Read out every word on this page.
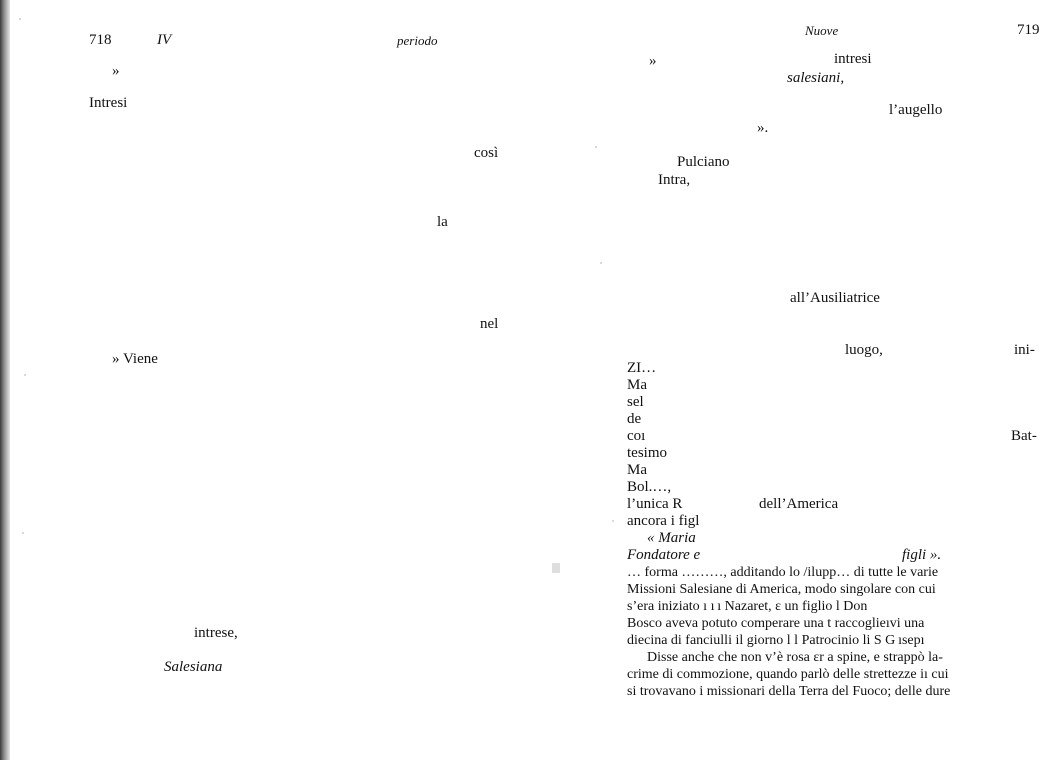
718	IV	periodo
»
Intresi
così
la
nel
» Viene
intrese,
Salesiana
Nuove	719
»	intresi
salesiani,
l’augello
».
Pulciano
Intra,
all’Ausiliatrice
luogo,	ini-
ZI…
Ma
sel
de
coı	Bat-
tesimo
Ma
Bol.…,
l’unica R	dell’America
ancora i figl
« Maria
Fondatore e	figli ».
… forma ………, additando lo /ilupp… di tutte le varie
Missioni Salesiane di America, modo singolare con cui
s’era iniziato ı ı ı Nazaret, ɛ un figlio l Don
Bosco aveva potuto comperare una t raccoglieıvi una
diecina di fanciulli il giorno l l Patrocinio li S G ısepı
Disse anche che non v’è rosa ɛr a spine, e strappò la-
crime di commozione, quando parlò delle strettezze iı cui
si trovavano i missionari della Terra del Fuoco; delle dure
